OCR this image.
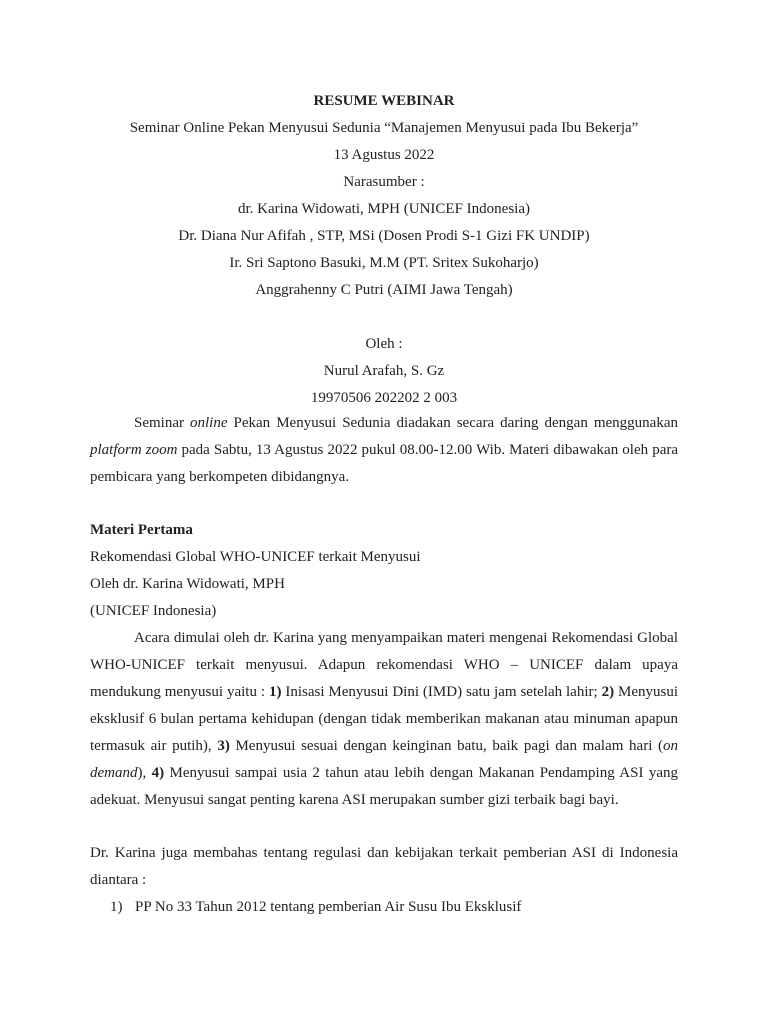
RESUME WEBINAR
Seminar Online Pekan Menyusui Sedunia “Manajemen Menyusui pada Ibu Bekerja”
13 Agustus 2022
Narasumber :
dr. Karina Widowati, MPH (UNICEF Indonesia)
Dr. Diana Nur Afifah , STP, MSi (Dosen Prodi S-1 Gizi FK UNDIP)
Ir. Sri Saptono Basuki, M.M (PT. Sritex Sukoharjo)
Anggrahenny C Putri (AIMI Jawa Tengah)
Oleh :
Nurul Arafah, S. Gz
19970506 202202 2 003

Seminar online Pekan Menyusui Sedunia diadakan secara daring dengan menggunakan platform zoom pada Sabtu, 13 Agustus 2022 pukul 08.00-12.00 Wib. Materi dibawakan oleh para pembicara yang berkompeten dibidangnya.

Materi Pertama
Rekomendasi Global WHO-UNICEF terkait Menyusui
Oleh dr. Karina Widowati, MPH
(UNICEF Indonesia)

Acara dimulai oleh dr. Karina yang menyampaikan materi mengenai Rekomendasi Global WHO-UNICEF terkait menyusui. Adapun rekomendasi WHO – UNICEF dalam upaya mendukung menyusui yaitu : 1) Inisasi Menyusui Dini (IMD) satu jam setelah lahir; 2) Menyusui eksklusif 6 bulan pertama kehidupan (dengan tidak memberikan makanan atau minuman apapun termasuk air putih), 3) Menyusui sesuai dengan keinginan batu, baik pagi dan malam hari (on demand), 4) Menyusui sampai usia 2 tahun atau lebih dengan Makanan Pendamping ASI yang adekuat. Menyusui sangat penting karena ASI merupakan sumber gizi terbaik bagi bayi.

Dr. Karina juga membahas tentang regulasi dan kebijakan terkait pemberian ASI di Indonesia diantara :

1) PP No 33 Tahun 2012 tentang pemberian Air Susu Ibu Eksklusif
